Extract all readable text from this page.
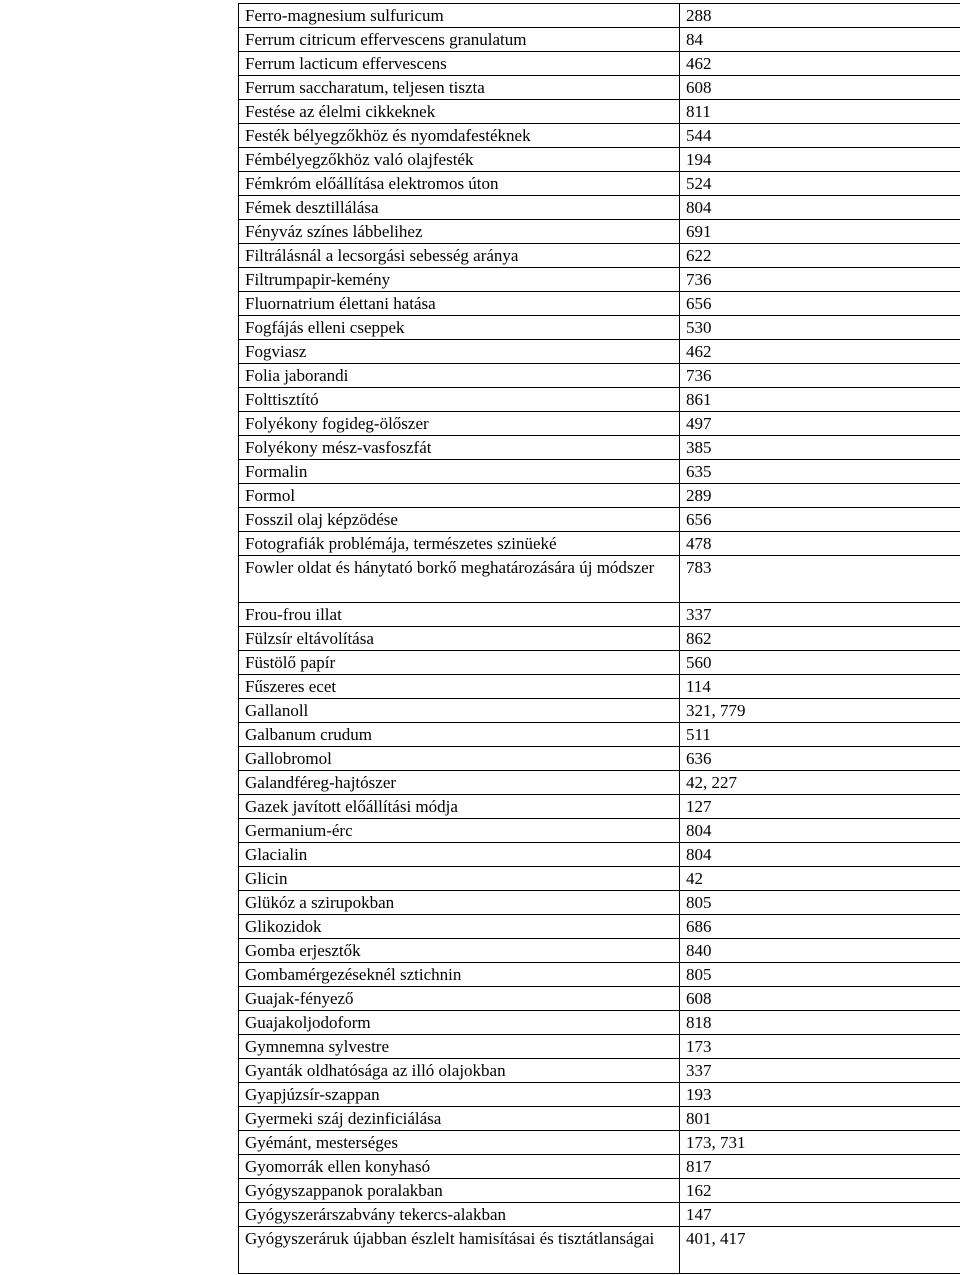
Ferro-magnesium sulfuricum	288
Ferrum citricum effervescens granulatum	84
Ferrum lacticum effervescens	462
Ferrum saccharatum, teljesen tiszta	608
Festése az élelmi cikkeknek	811
Festék bélyegzőkhöz és nyomdafestéknek	544
Fémbélyegzőkhöz való olajfesték	194
Fémkróm előállítása elektromos úton	524
Fémek desztillálása	804
Fényváz színes lábbelihez	691
Filtrálásnál a lecsorgási sebesség aránya	622
Filtrumpapir-kemény	736
Fluornatrium élettani hatása	656
Fogfájás elleni cseppek	530
Fogviasz	462
Folia jaborandi	736
Folttisztító	861
Folyékony fogideg-ölőszer	497
Folyékony mész-vasfoszfát	385
Formalin	635
Formol	289
Fosszil olaj képzödése	656
Fotografiák problémája, természetes szinüeké	478
Fowler oldat és hánytató borkő meghatározására új módszer	783
Frou-frou illat	337
Fülzsír eltávolítása	862
Füstölő papír	560
Fűszeres ecet	114
Gallanoll	321, 779
Galbanum crudum	511
Gallobromol	636
Galandféreg-hajtószer	42, 227
Gazek javított előállítási módja	127
Germanium-érc	804
Glacialin	804
Glicin	42
Glükóz a szirupokban	805
Glikozidok	686
Gomba erjesztők	840
Gombamérgezéseknél sztichnin	805
Guajak-fényező	608
Guajakoljodoform	818
Gymnemna sylvestre	173
Gyanták oldhatósága az illó olajokban	337
Gyapjúzsír-szappan	193
Gyermeki száj dezinficiálása	801
Gyémánt, mesterséges	173, 731
Gyomorrák ellen konyhasó	817
Gyógyszappanok poralakban	162
Gyógyszerárszabvány tekercs-alakban	147
Gyógyszeráruk újabban észlelt hamisításai és tisztátlanságai	401, 417
